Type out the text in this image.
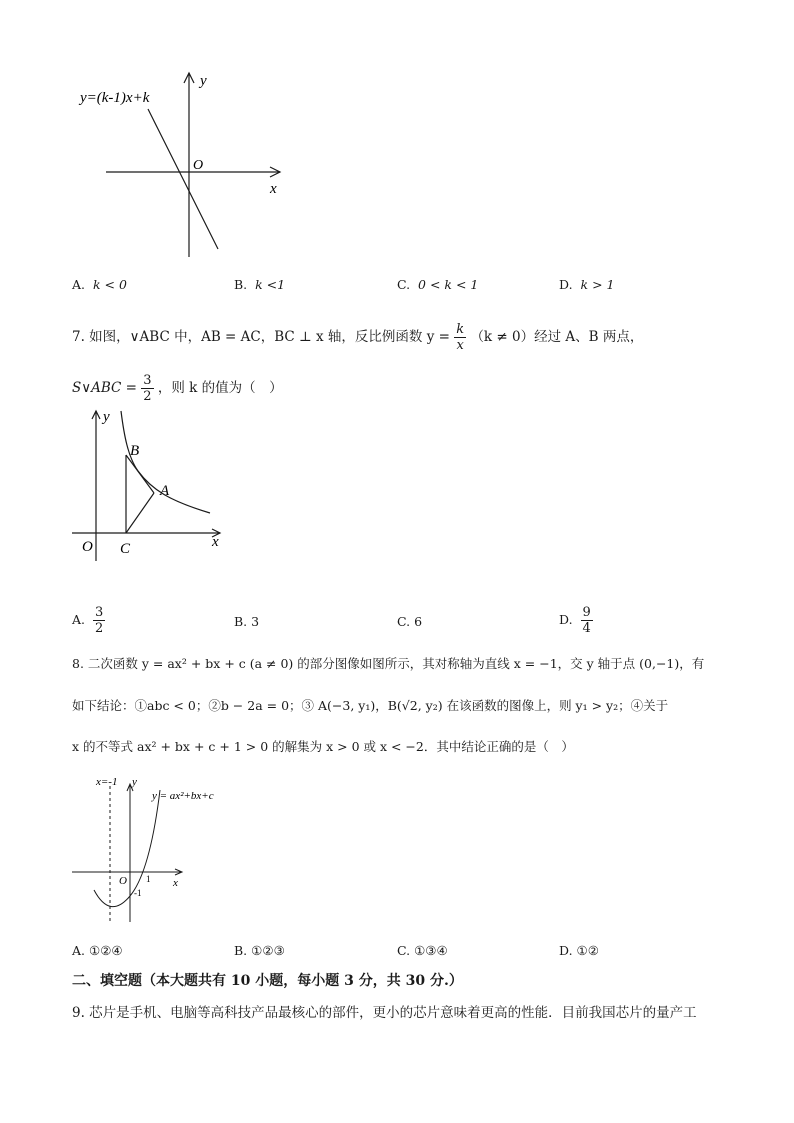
y=(k-1)x+k
y
O
x
A. k < 0	B. k <1	C. 0 < k < 1	D. k > 1
7. 如图，∨ABC 中，AB = AC，BC ⊥ x 轴，反比例函数 $y = \frac{k}{x} (k \ne 0)$经过 A、B 两点，
S∨ABC = $\frac{3}{2}$ ，则 k 的值为（　）
y
B
A
O C	x
A. $\frac{3}{2}$	B. 3	C. 6	D. $\frac{9}{4}$
8. 二次函数 y = ax² + bx + c (a ≠ 0) 的部分图像如图所示，其对称轴为直线 x = −1，交 y 轴于点 (0,−1)，有
如下结论：①abc < 0；②b − 2a = 0；③ A(−3, y₁)，B(√2, y₂) 在该函数的图像上，则 y₁ > y₂；④关于
x 的不等式 ax² + bx + c + 1 > 0 的解集为 x > 0 或 x < −2．其中结论正确的是（　）
x=-1 y
y = ax²+bx+c
O 1
-1
x
A. ①②④	B. ①②③	C. ①③④	D. ①②
二、填空题（本大题共有 10 小题，每小题 3 分，共 30 分.）
9. 芯片是手机、电脑等高科技产品最核心的部件，更小的芯片意味着更高的性能．目前我国芯片的量产工
